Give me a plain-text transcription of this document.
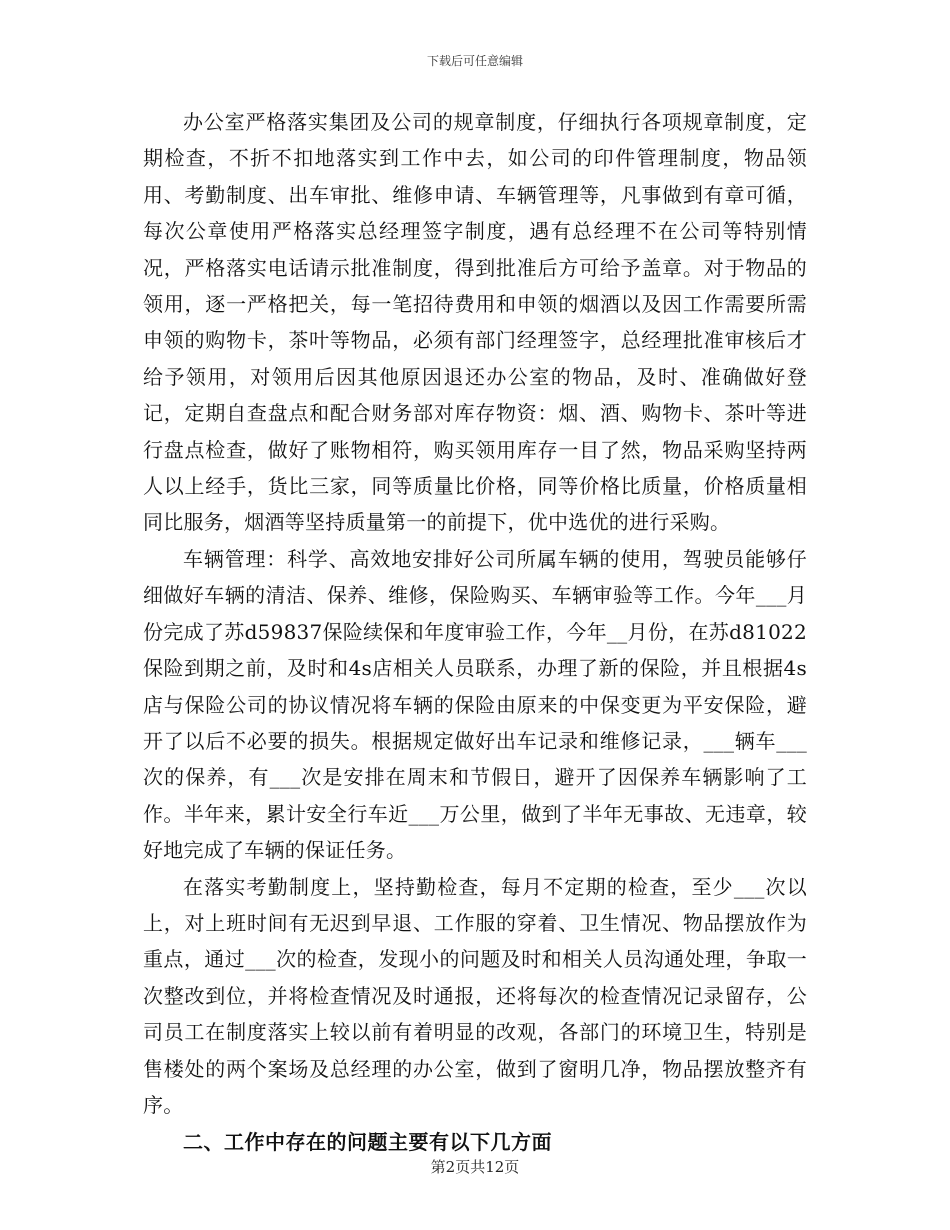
下载后可任意编辑

办公室严格落实集团及公司的规章制度，仔细执行各项规章制度，定期检查，不折不扣地落实到工作中去，如公司的印件管理制度，物品领用、考勤制度、出车审批、维修申请、车辆管理等，凡事做到有章可循，每次公章使用严格落实总经理签字制度，遇有总经理不在公司等特别情况，严格落实电话请示批准制度，得到批准后方可给予盖章。对于物品的领用，逐一严格把关，每一笔招待费用和申领的烟酒以及因工作需要所需申领的购物卡，茶叶等物品，必须有部门经理签字，总经理批准审核后才给予领用，对领用后因其他原因退还办公室的物品，及时、准确做好登记，定期自查盘点和配合财务部对库存物资：烟、酒、购物卡、茶叶等进行盘点检查，做好了账物相符，购买领用库存一目了然，物品采购坚持两人以上经手，货比三家，同等质量比价格，同等价格比质量，价格质量相同比服务，烟酒等坚持质量第一的前提下，优中选优的进行采购。

车辆管理：科学、高效地安排好公司所属车辆的使用，驾驶员能够仔细做好车辆的清洁、保养、维修，保险购买、车辆审验等工作。今年___月份完成了苏d59837保险续保和年度审验工作，今年__月份，在苏d81022保险到期之前，及时和4s店相关人员联系，办理了新的保险，并且根据4s店与保险公司的协议情况将车辆的保险由原来的中保变更为平安保险，避开了以后不必要的损失。根据规定做好出车记录和维修记录，___辆车___次的保养，有___次是安排在周末和节假日，避开了因保养车辆影响了工作。半年来，累计安全行车近___万公里，做到了半年无事故、无违章，较好地完成了车辆的保证任务。

在落实考勤制度上，坚持勤检查，每月不定期的检查，至少___次以上，对上班时间有无迟到早退、工作服的穿着、卫生情况、物品摆放作为重点，通过___次的检查，发现小的问题及时和相关人员沟通处理，争取一次整改到位，并将检查情况及时通报，还将每次的检查情况记录留存，公司员工在制度落实上较以前有着明显的改观，各部门的环境卫生，特别是售楼处的两个案场及总经理的办公室，做到了窗明几净，物品摆放整齐有序。

二、工作中存在的问题主要有以下几方面

第2页共12页
